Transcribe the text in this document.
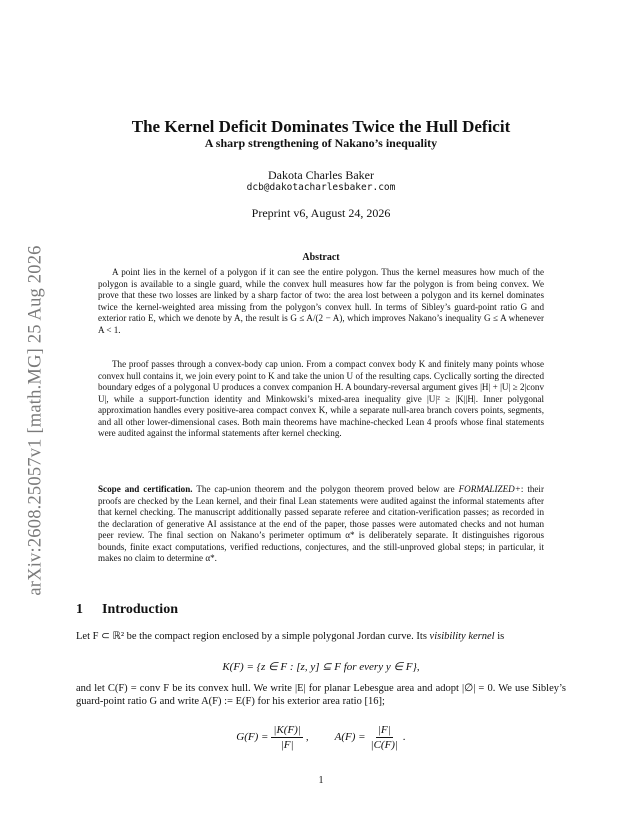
arXiv:2608.25057v1 [math.MG] 25 Aug 2026
The Kernel Deficit Dominates Twice the Hull Deficit
A sharp strengthening of Nakano’s inequality
Dakota Charles Baker
dcb@dakotacharlesbaker.com
Preprint v6, August 24, 2026
Abstract

A point lies in the kernel of a polygon if it can see the entire polygon. Thus the kernel measures how much of the polygon is available to a single guard, while the convex hull measures how far the polygon is from being convex. We prove that these two losses are linked by a sharp factor of two: the area lost between a polygon and its kernel dominates twice the kernel-weighted area missing from the polygon’s convex hull. In terms of Sibley’s guard-point ratio G and exterior ratio E, which we denote by A, the result is G ≤ A/(2 − A), which improves Nakano’s inequality G ≤ A whenever A < 1.

The proof passes through a convex-body cap union. From a compact convex body K and finitely many points whose convex hull contains it, we join every point to K and take the union U of the resulting caps. Cyclically sorting the directed boundary edges of a polygonal U produces a convex companion H. A boundary-reversal argument gives |H| + |U| ≥ 2|conv U|, while a support-function identity and Minkowski’s mixed-area inequality give |U|² ≥ |K||H|. Inner polygonal approximation handles every positive-area compact convex K, while a separate null-area branch covers points, segments, and all other lower-dimensional cases. Both main theorems have machine-checked Lean 4 proofs whose final statements were audited against the informal statements after kernel checking.

Scope and certification. The cap-union theorem and the polygon theorem proved below are FORMALIZED+: their proofs are checked by the Lean kernel, and their final Lean statements were audited against the informal statements after that kernel checking. The manuscript additionally passed separate referee and citation-verification passes; as recorded in the declaration of generative AI assistance at the end of the paper, those passes were automated checks and not human peer review. The final section on Nakano’s perimeter optimum α* is deliberately separate. It distinguishes rigorous bounds, finite exact computations, verified reductions, conjectures, and the still-unproved global steps; in particular, it makes no claim to determine α*.

1 Introduction

Let F ⊂ ℝ² be the compact region enclosed by a simple polygonal Jordan curve. Its visibility kernel is

K(F) = {z ∈ F : [z, y] ⊆ F for every y ∈ F},

and let C(F) = conv F be its convex hull. We write |E| for planar Lebesgue area and adopt |∅| = 0. We use Sibley’s guard-point ratio G and write A(F) := E(F) for his exterior area ratio [16];

$G(F) = \frac{|K(F)|}{|F|}$ , $A(F) = \frac{|F|}{|C(F)|}$ .
1
